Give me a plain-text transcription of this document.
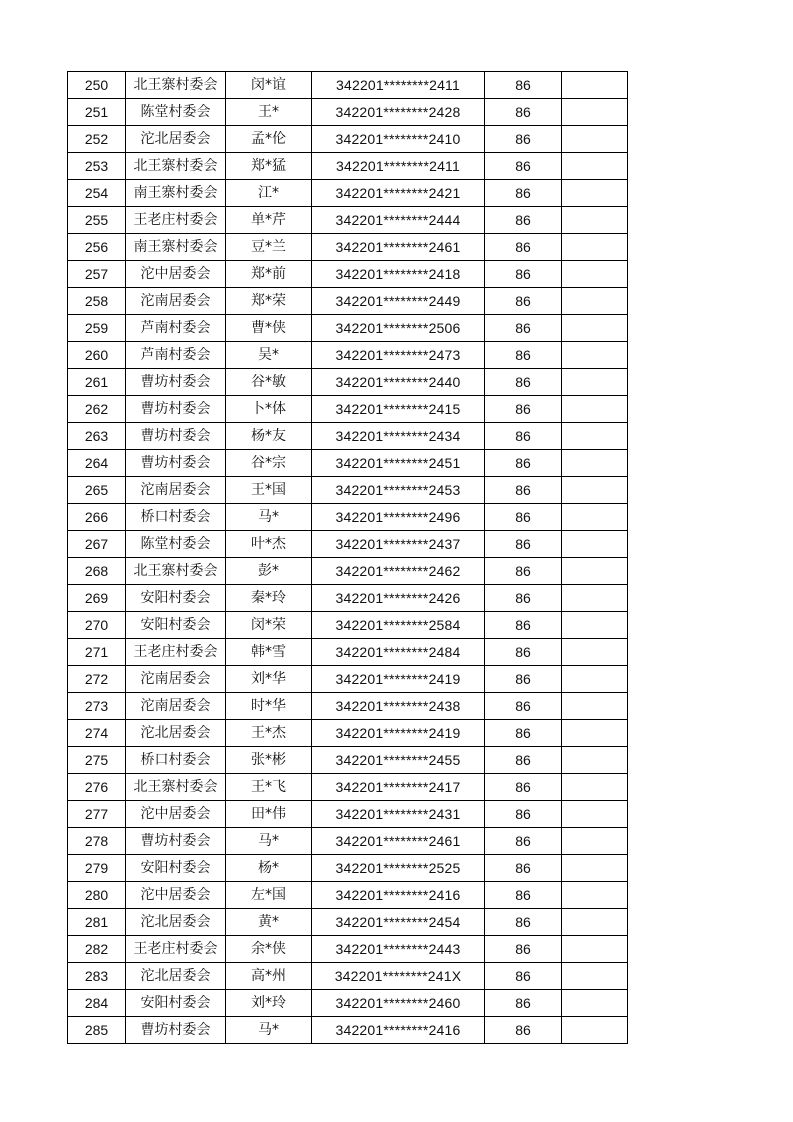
250	北王寨村委会	闵*谊	342201********2411	86	
251	陈堂村委会	王*	342201********2428	86	
252	沱北居委会	孟*伦	342201********2410	86	
253	北王寨村委会	郑*猛	342201********2411	86	
254	南王寨村委会	江*	342201********2421	86	
255	王老庄村委会	单*芹	342201********2444	86	
256	南王寨村委会	豆*兰	342201********2461	86	
257	沱中居委会	郑*前	342201********2418	86	
258	沱南居委会	郑*荣	342201********2449	86	
259	芦南村委会	曹*侠	342201********2506	86	
260	芦南村委会	吴*	342201********2473	86	
261	曹坊村委会	谷*敏	342201********2440	86	
262	曹坊村委会	卜*体	342201********2415	86	
263	曹坊村委会	杨*友	342201********2434	86	
264	曹坊村委会	谷*宗	342201********2451	86	
265	沱南居委会	王*国	342201********2453	86	
266	桥口村委会	马*	342201********2496	86	
267	陈堂村委会	叶*杰	342201********2437	86	
268	北王寨村委会	彭*	342201********2462	86	
269	安阳村委会	秦*玲	342201********2426	86	
270	安阳村委会	闵*荣	342201********2584	86	
271	王老庄村委会	韩*雪	342201********2484	86	
272	沱南居委会	刘*华	342201********2419	86	
273	沱南居委会	时*华	342201********2438	86	
274	沱北居委会	王*杰	342201********2419	86	
275	桥口村委会	张*彬	342201********2455	86	
276	北王寨村委会	王*飞	342201********2417	86	
277	沱中居委会	田*伟	342201********2431	86	
278	曹坊村委会	马*	342201********2461	86	
279	安阳村委会	杨*	342201********2525	86	
280	沱中居委会	左*国	342201********2416	86	
281	沱北居委会	黄*	342201********2454	86	
282	王老庄村委会	余*侠	342201********2443	86	
283	沱北居委会	高*州	342201********241X	86	
284	安阳村委会	刘*玲	342201********2460	86	
285	曹坊村委会	马*	342201********2416	86	
